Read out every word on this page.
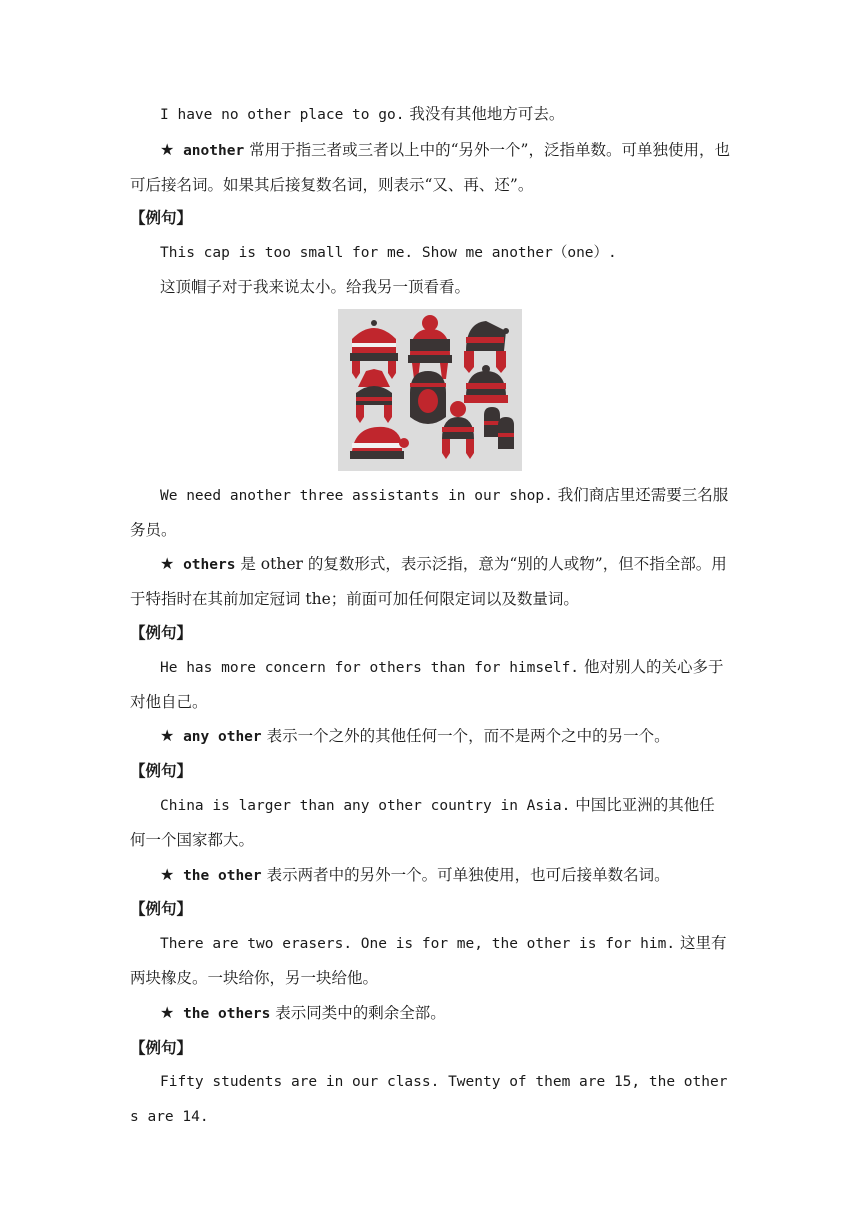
I have no other place to go. 我没有其他地方可去。

★ another 常用于指三者或三者以上中的“另外一个”，泛指单数。可单独使用，也可后接名词。如果其后接复数名词，则表示“又、再、还”。

【例句】

This cap is too small for me. Show me another（one）.

这顶帽子对于我来说太小。给我另一顶看看。

We need another three assistants in our shop. 我们商店里还需要三名服务员。

★ others 是 other 的复数形式，表示泛指，意为“别的人或物”，但不指全部。用于特指时在其前加定冠词 the；前面可加任何限定词以及数量词。

【例句】

He has more concern for others than for himself. 他对别人的关心多于对他自己。

★ any other 表示一个之外的其他任何一个，而不是两个之中的另一个。

【例句】

China is larger than any other country in Asia. 中国比亚洲的其他任何一个国家都大。

★ the other 表示两者中的另外一个。可单独使用，也可后接单数名词。

【例句】

There are two erasers. One is for me, the other is for him. 这里有两块橡皮。一块给你，另一块给他。

★ the others 表示同类中的剩余全部。

【例句】

Fifty students are in our class. Twenty of them are 15, the others are 14.
